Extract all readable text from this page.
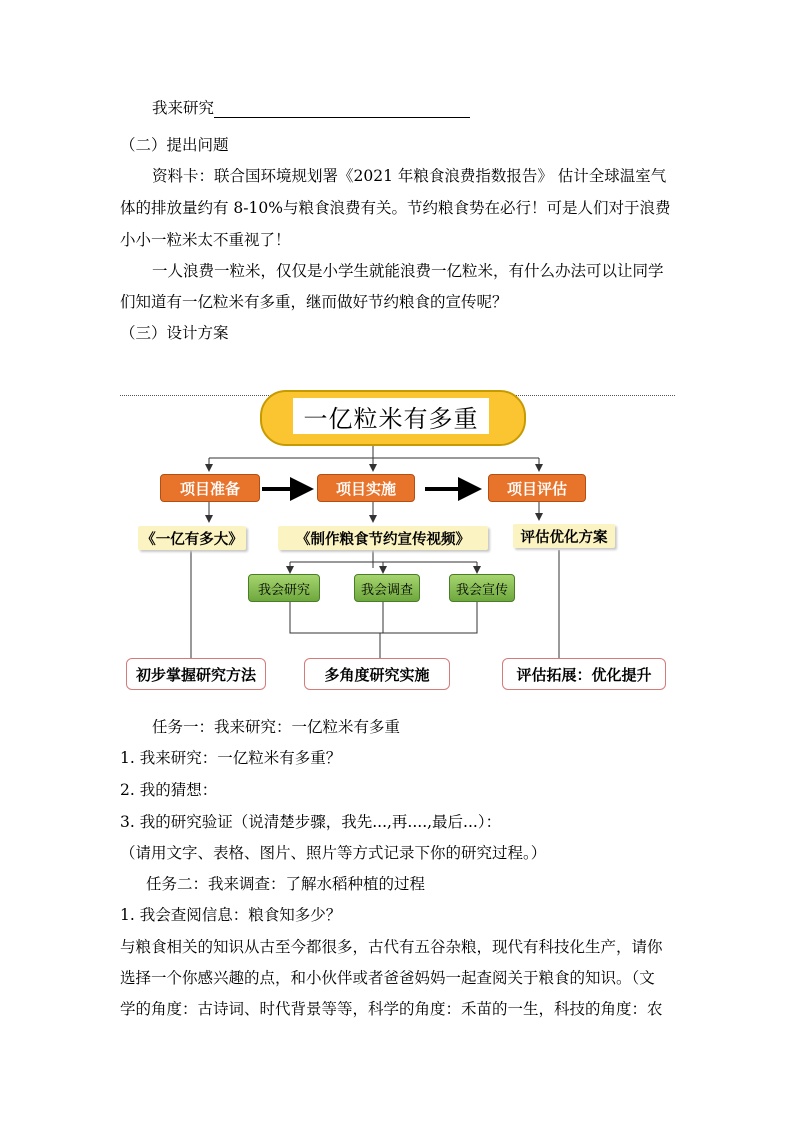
我来研究
（二）提出问题
资料卡：联合国环境规划署《2021 年粮食浪费指数报告》 估计全球温室气
体的排放量约有 8-10%与粮食浪费有关。节约粮食势在必行！可是人们对于浪费
小小一粒米太不重视了！
一人浪费一粒米，仅仅是小学生就能浪费一亿粒米，有什么办法可以让同学
们知道有一亿粒米有多重，继而做好节约粮食的宣传呢？
（三）设计方案
一亿粒米有多重
项目准备	项目实施	项目评估
《一亿有多大》	《制作粮食节约宣传视频》	评估优化方案
我会研究	我会调查	我会宣传
初步掌握研究方法	多角度研究实施	评估拓展：优化提升
任务一：我来研究：一亿粒米有多重
1. 我来研究：一亿粒米有多重？
2. 我的猜想：
3. 我的研究验证（说清楚步骤，我先...,再....,最后...）：
（请用文字、表格、图片、照片等方式记录下你的研究过程。）
任务二：我来调查：了解水稻种植的过程
1. 我会查阅信息：粮食知多少？
与粮食相关的知识从古至今都很多，古代有五谷杂粮，现代有科技化生产，请你
选择一个你感兴趣的点，和小伙伴或者爸爸妈妈一起查阅关于粮食的知识。（文
学的角度：古诗词、时代背景等等，科学的角度：禾苗的一生，科技的角度：农
